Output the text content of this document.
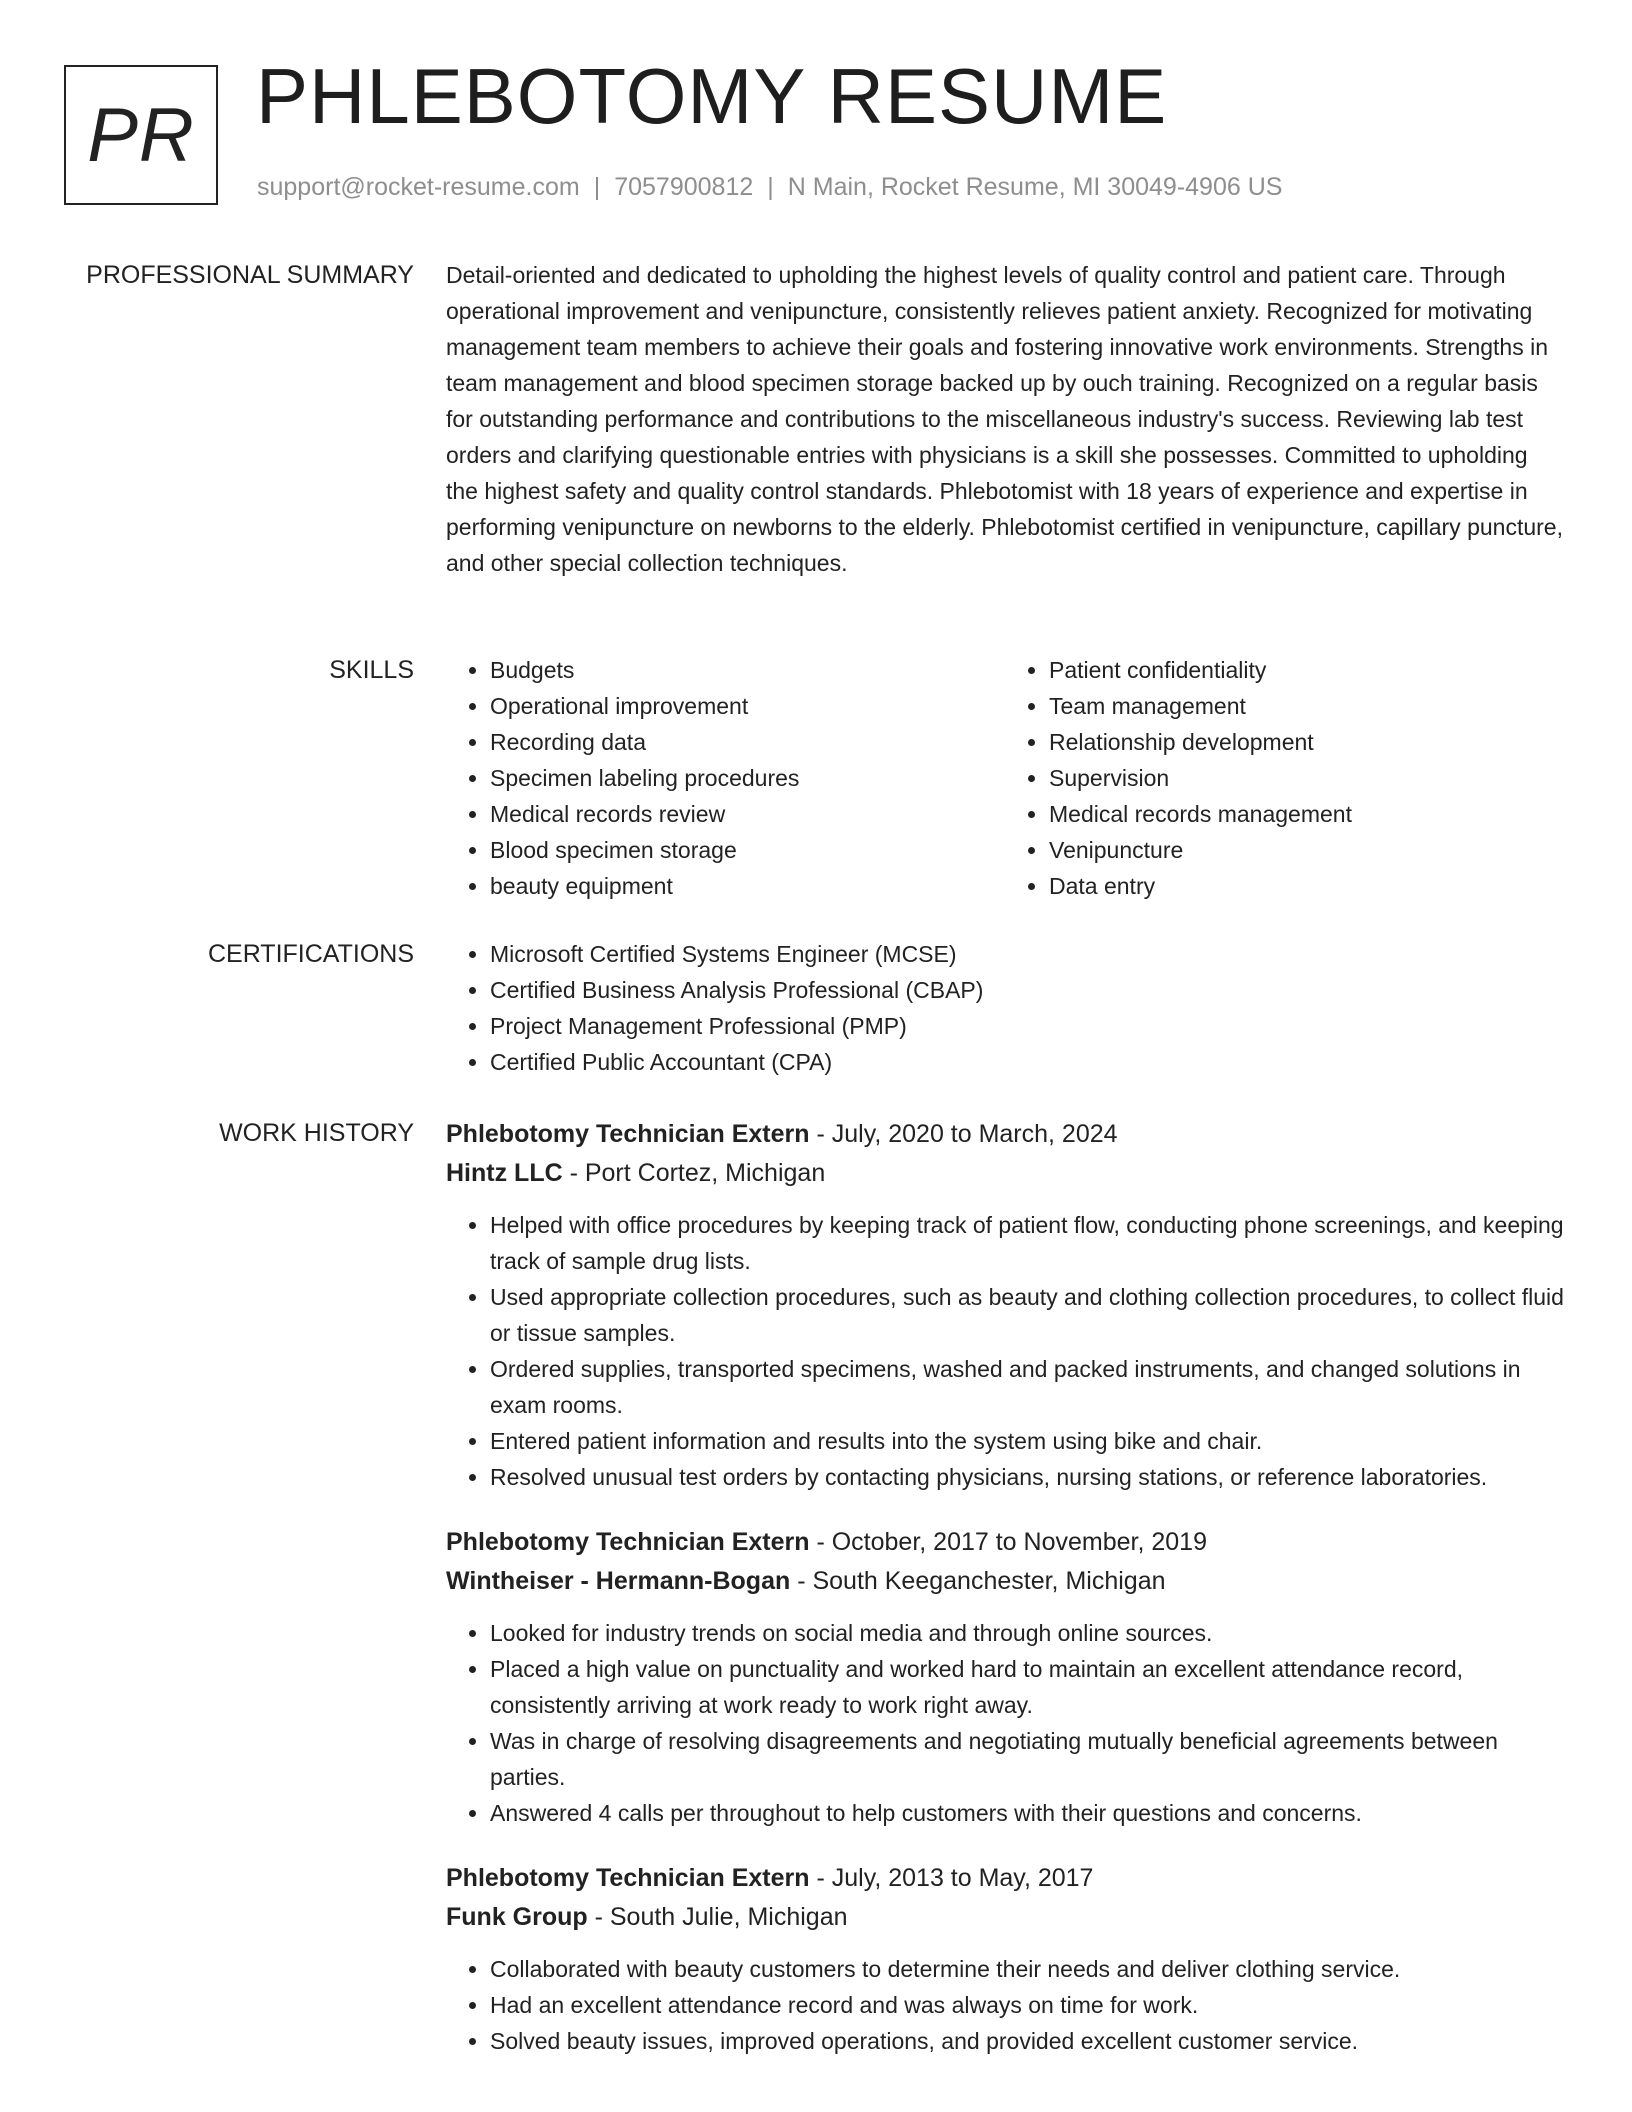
PR PHLEBOTOMY RESUME
support@rocket-resume.com | 7057900812 | N Main, Rocket Resume, MI 30049-4906 US
PROFESSIONAL SUMMARY Detail-oriented and dedicated to upholding the highest levels of quality control and patient care. Through operational improvement and venipuncture, consistently relieves patient anxiety. Recognized for motivating management team members to achieve their goals and fostering innovative work environments. Strengths in team management and blood specimen storage backed up by ouch training. Recognized on a regular basis for outstanding performance and contributions to the miscellaneous industry's success. Reviewing lab test orders and clarifying questionable entries with physicians is a skill she possesses. Committed to upholding the highest safety and quality control standards. Phlebotomist with 18 years of experience and expertise in performing venipuncture on newborns to the elderly. Phlebotomist certified in venipuncture, capillary puncture, and other special collection techniques.

SKILLS	• Budgets
• Operational improvement
• Recording data
• Specimen labeling procedures
• Medical records review
• Blood specimen storage
• beauty equipment
• Patient confidentiality
• Team management
• Relationship development
• Supervision
• Medical records management
• Venipuncture
• Data entry
CERTIFICATIONS	• Microsoft Certified Systems Engineer (MCSE)
• Certified Business Analysis Professional (CBAP)
• Project Management Professional (PMP)
• Certified Public Accountant (CPA)
WORK HISTORY Phlebotomy Technician Extern - July, 2020 to March, 2024
Hintz LLC - Port Cortez, Michigan
• Helped with office procedures by keeping track of patient flow, conducting phone screenings, and keeping track of sample drug lists.
• Used appropriate collection procedures, such as beauty and clothing collection procedures, to collect fluid or tissue samples.
• Ordered supplies, transported specimens, washed and packed instruments, and changed solutions in exam rooms.
• Entered patient information and results into the system using bike and chair.
• Resolved unusual test orders by contacting physicians, nursing stations, or reference laboratories.
Phlebotomy Technician Extern - October, 2017 to November, 2019
Wintheiser - Hermann-Bogan - South Keeganchester, Michigan
• Looked for industry trends on social media and through online sources.
• Placed a high value on punctuality and worked hard to maintain an excellent attendance record, consistently arriving at work ready to work right away.
• Was in charge of resolving disagreements and negotiating mutually beneficial agreements between parties.
• Answered 4 calls per throughout to help customers with their questions and concerns.
Phlebotomy Technician Extern - July, 2013 to May, 2017
Funk Group - South Julie, Michigan
• Collaborated with beauty customers to determine their needs and deliver clothing service.
• Had an excellent attendance record and was always on time for work.
• Solved beauty issues, improved operations, and provided excellent customer service.
